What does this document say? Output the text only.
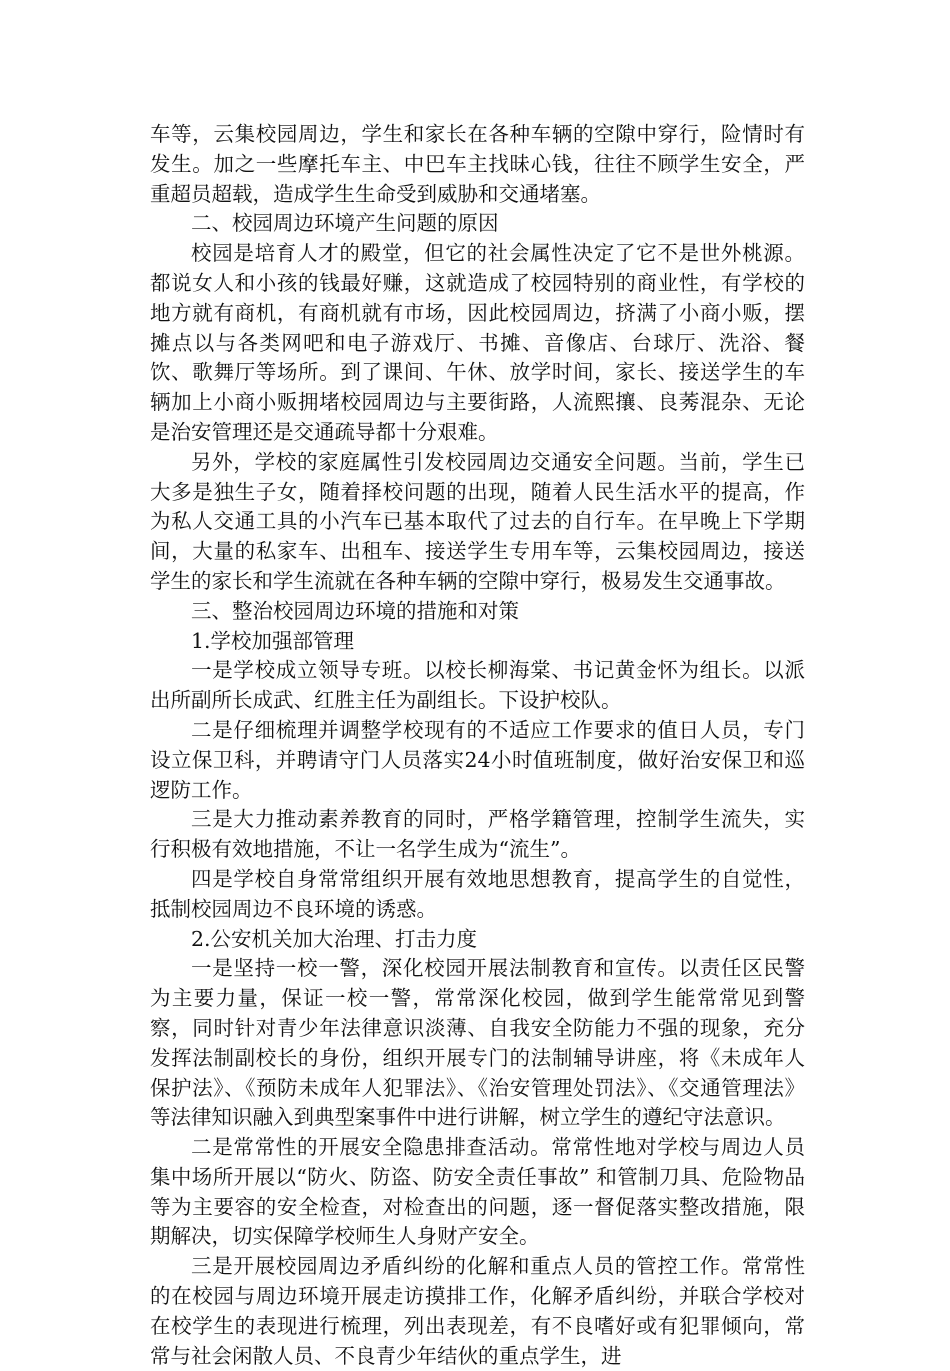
车等，云集校园周边，学生和家长在各种车辆的空隙中穿行，险情时有发生。加之一些摩托车主、中巴车主找昧心钱，往往不顾学生安全，严重超员超载，造成学生生命受到威胁和交通堵塞。

二、校园周边环境产生问题的原因

校园是培育人才的殿堂，但它的社会属性决定了它不是世外桃源。都说女人和小孩的钱最好赚，这就造成了校园特别的商业性，有学校的地方就有商机，有商机就有市场，因此校园周边，挤满了小商小贩，摆摊点以与各类网吧和电子游戏厅、书摊、音像店、台球厅、洗浴、餐饮、歌舞厅等场所。到了课间、午休、放学时间，家长、接送学生的车辆加上小商小贩拥堵校园周边与主要街路，人流熙攘、良莠混杂、无论是治安管理还是交通疏导都十分艰难。

另外，学校的家庭属性引发校园周边交通安全问题。当前，学生已大多是独生子女，随着择校问题的出现，随着人民生活水平的提高，作为私人交通工具的小汽车已基本取代了过去的自行车。在早晚上下学期间，大量的私家车、出租车、接送学生专用车等，云集校园周边，接送学生的家长和学生流就在各种车辆的空隙中穿行，极易发生交通事故。

三、整治校园周边环境的措施和对策

1.学校加强部管理

一是学校成立领导专班。以校长柳海棠、书记黄金怀为组长。以派出所副所长成武、红胜主任为副组长。下设护校队。

二是仔细梳理并调整学校现有的不适应工作要求的值日人员，专门设立保卫科，并聘请守门人员落实24小时值班制度，做好治安保卫和巡逻防工作。

三是大力推动素养教育的同时，严格学籍管理，控制学生流失，实行积极有效地措施，不让一名学生成为“流生”。

四是学校自身常常组织开展有效地思想教育，提高学生的自觉性，抵制校园周边不良环境的诱惑。

2.公安机关加大治理、打击力度

一是坚持一校一警，深化校园开展法制教育和宣传。以责任区民警为主要力量，保证一校一警，常常深化校园，做到学生能常常见到警察，同时针对青少年法律意识淡薄、自我安全防能力不强的现象，充分发挥法制副校长的身份，组织开展专门的法制辅导讲座，将《未成年人保护法》、《预防未成年人犯罪法》、《治安管理处罚法》、《交通管理法》等法律知识融入到典型案事件中进行讲解，树立学生的遵纪守法意识。

二是常常性的开展安全隐患排查活动。常常性地对学校与周边人员集中场所开展以“防火、防盗、防安全责任事故” 和管制刀具、危险物品等为主要容的安全检查，对检查出的问题，逐一督促落实整改措施，限期解决，切实保障学校师生人身财产安全。

三是开展校园周边矛盾纠纷的化解和重点人员的管控工作。常常性的在校园与周边环境开展走访摸排工作，化解矛盾纠纷，并联合学校对在校学生的表现进行梳理，列出表现差，有不良嗜好或有犯罪倾向，常常与社会闲散人员、不良青少年结伙的重点学生，进
